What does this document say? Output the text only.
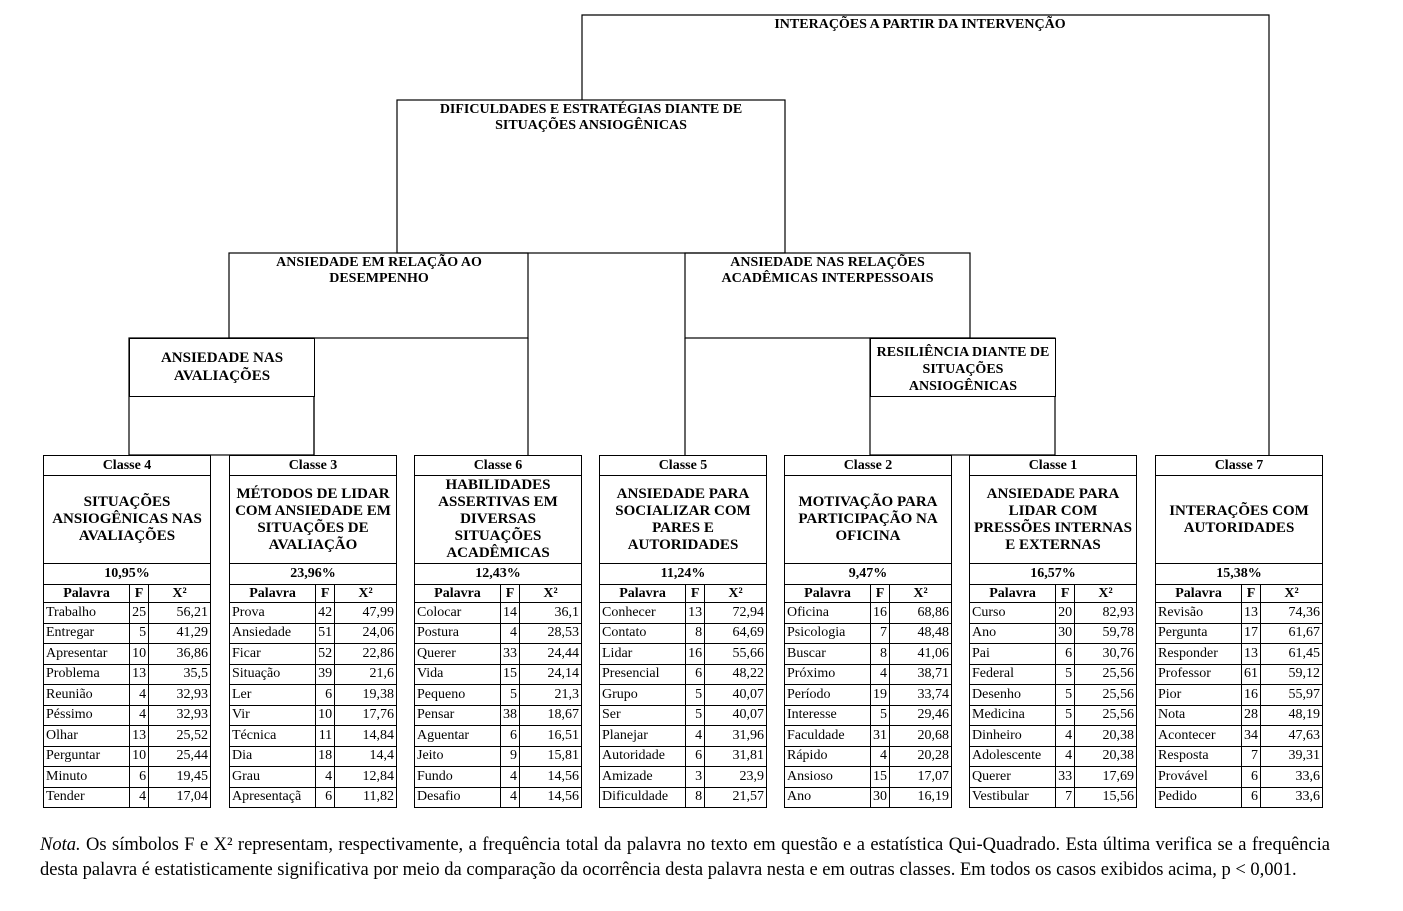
INTERAÇÕES A PARTIR DA INTERVENÇÃO
DIFICULDADES E ESTRATÉGIAS DIANTE DE SITUAÇÕES ANSIOGÊNICAS
ANSIEDADE EM RELAÇÃO AO DESEMPENHO
ANSIEDADE NAS RELAÇÕES ACADÊMICAS INTERPESSOAIS
ANSIEDADE NAS AVALIAÇÕES
RESILIÊNCIA DIANTE DE SITUAÇÕES ANSIOGÊNICAS
Classe 4
SITUAÇÕES ANSIOGÊNICAS NAS AVALIAÇÕES
10,95%
Palavra	F	X²
Trabalho	25	56,21
Entregar	5	41,29
Apresentar	10	36,86
Problema	13	35,5
Reunião	4	32,93
Péssimo	4	32,93
Olhar	13	25,52
Perguntar	10	25,44
Minuto	6	19,45
Tender	4	17,04
Classe 3
MÉTODOS DE LIDAR COM ANSIEDADE EM SITUAÇÕES DE AVALIAÇÃO
23,96%
Palavra	F	X²
Prova	42	47,99
Ansiedade	51	24,06
Ficar	52	22,86
Situação	39	21,6
Ler	6	19,38
Vir	10	17,76
Técnica	11	14,84
Dia	18	14,4
Grau	4	12,84
Apresentaçã	6	11,82
Classe 6
HABILIDADES ASSERTIVAS EM DIVERSAS SITUAÇÕES ACADÊMICAS
12,43%
Palavra	F	X²
Colocar	14	36,1
Postura	4	28,53
Querer	33	24,44
Vida	15	24,14
Pequeno	5	21,3
Pensar	38	18,67
Aguentar	6	16,51
Jeito	9	15,81
Fundo	4	14,56
Desafio	4	14,56
Classe 5
ANSIEDADE PARA SOCIALIZAR COM PARES E AUTORIDADES
11,24%
Palavra	F	X²
Conhecer	13	72,94
Contato	8	64,69
Lidar	16	55,66
Presencial	6	48,22
Grupo	5	40,07
Ser	5	40,07
Planejar	4	31,96
Autoridade	6	31,81
Amizade	3	23,9
Dificuldade	8	21,57
Classe 2
MOTIVAÇÃO PARA PARTICIPAÇÃO NA OFICINA
9,47%
Palavra	F	X²
Oficina	16	68,86
Psicologia	7	48,48
Buscar	8	41,06
Próximo	4	38,71
Período	19	33,74
Interesse	5	29,46
Faculdade	31	20,68
Rápido	4	20,28
Ansioso	15	17,07
Ano	30	16,19
Classe 1
ANSIEDADE PARA LIDAR COM PRESSÕES INTERNAS E EXTERNAS
16,57%
Palavra	F	X²
Curso	20	82,93
Ano	30	59,78
Pai	6	30,76
Federal	5	25,56
Desenho	5	25,56
Medicina	5	25,56
Dinheiro	4	20,38
Adolescente	4	20,38
Querer	33	17,69
Vestibular	7	15,56
Classe 7
INTERAÇÕES COM AUTORIDADES
15,38%
Palavra	F	X²
Revisão	13	74,36
Pergunta	17	61,67
Responder	13	61,45
Professor	61	59,12
Pior	16	55,97
Nota	28	48,19
Acontecer	34	47,63
Resposta	7	39,31
Provável	6	33,6
Pedido	6	33,6
Nota. Os símbolos F e X² representam, respectivamente, a frequência total da palavra no texto em questão e a estatística Qui-Quadrado. Esta última verifica se a frequência desta palavra é estatisticamente significativa por meio da comparação da ocorrência desta palavra nesta e em outras classes. Em todos os casos exibidos acima, p < 0,001.
